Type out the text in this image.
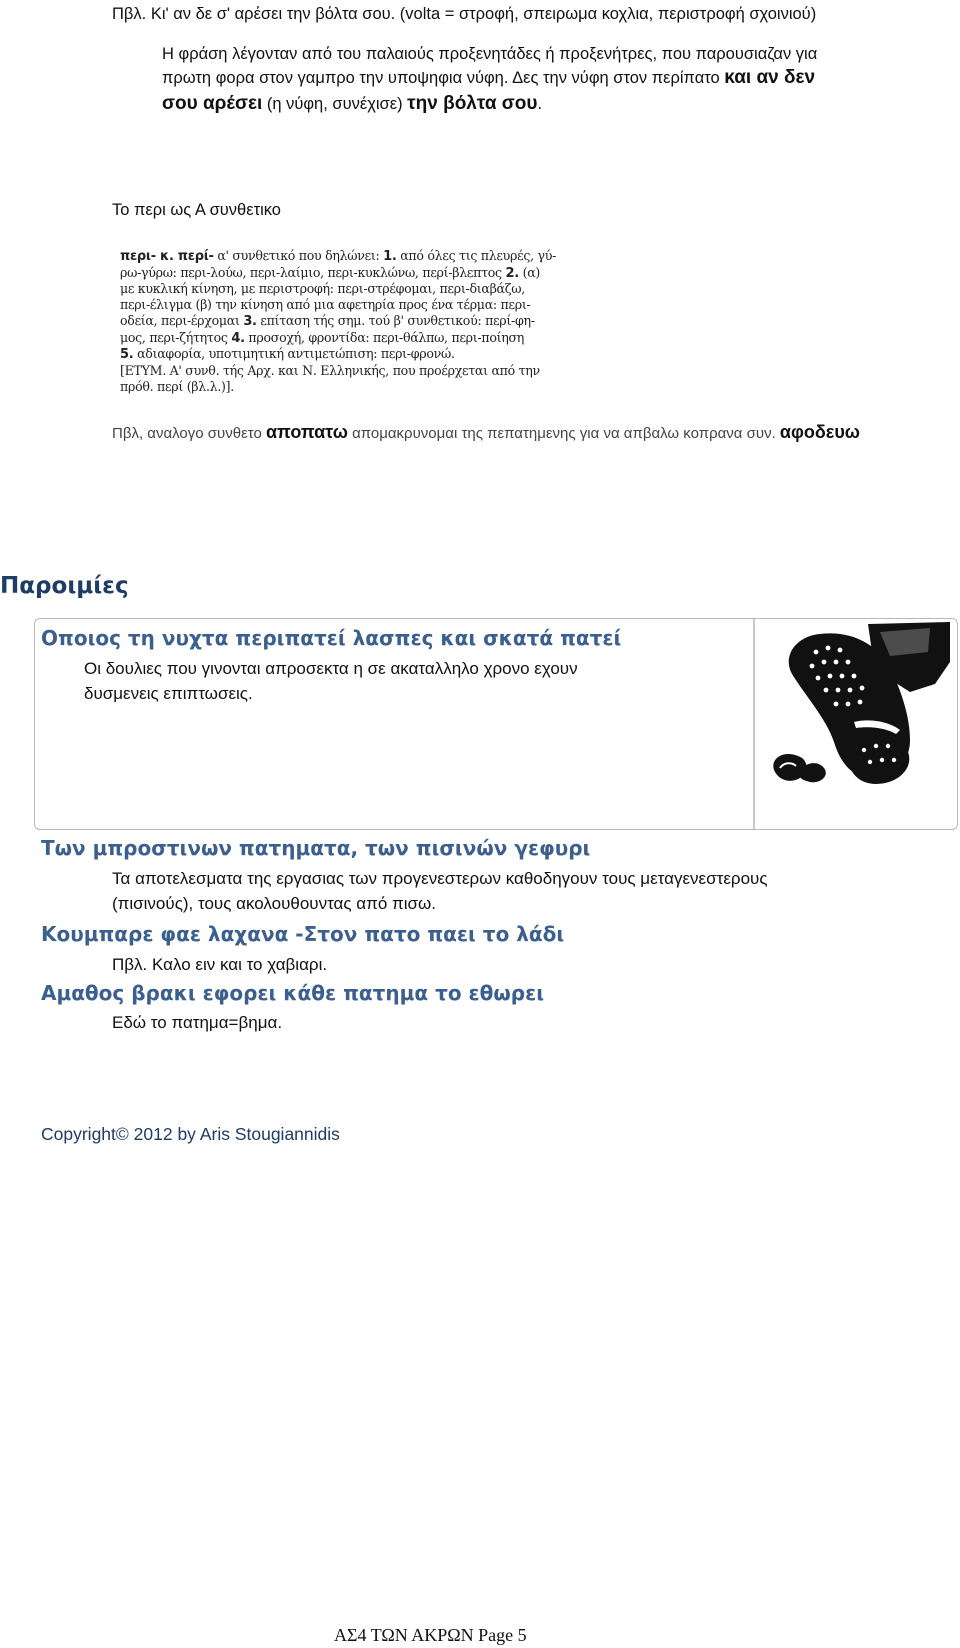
Πβλ. Κι' αν δε σ' αρέσει την βόλτα σου. (volta = στροφή, σπειρωμα κοχλια, περιστροφή σχοινιού)
Η φράση λέγονταν από του παλαιούς προξενητάδες ή προξενήτρες, που παρουσιαζαν για
πρωτη φορα στον γαμπρο την υποψηφια νύφη. Δες την νύφη στον περίπατο και αν δεν
σου αρέσει (η νύφη, συνέχισε) την βόλτα σου.
Το περι ως Α συνθετικο
περι- κ. περί- α' συνθετικό που δηλώνει: 1. από όλες τις πλευρές, γύ-
ρω-γύρω: περι-λούω, περι-λαίμιο, περι-κυκλώνω, περί-βλεπτος 2. (α)
με κυκλική κίνηση, με περιστροφή: περι-στρέφομαι, περι-διαβάζω,
περι-έλιγμα (β) την κίνηση από μια αφετηρία προς ένα τέρμα: περι-
οδεία, περι-έρχομαι 3. επίταση τής σημ. τού β' συνθετικού: περί-φη-
μος, περι-ζήτητος 4. προσοχή, φροντίδα: περι-θάλπω, περι-ποίηση
5. αδιαφορία, υποτιμητική αντιμετώπιση: περι-φρονώ.
[ΕΤΥΜ. Α' συνθ. τής Αρχ. και Ν. Ελληνικής, που προέρχεται από την
πρόθ. περί (βλ.λ.)].
Πβλ, αναλογο συνθετο αποπατω απομακρυνομαι της πεπατημενης για να απβαλω κοπρανα συν. αφοδευω
Παροιμίες
Οποιος τη νυχτα περιπατεί λασπες και σκατά πατεί
Οι δουλιες που γινονται απροσεκτα η σε ακαταλληλο χρονο εχουν
δυσμενεις επιπτωσεις.
Των μπροστινων πατηματα, των πισινών γεφυρι
Τα αποτελεσματα της εργασιας των προγενεστερων καθοδηγουν τους μεταγενεστερους
(πισινούς), τους ακολουθουντας από πισω.
Κουμπαρε φαε λαχανα -Στον πατο παει το λάδι
Πβλ. Καλο ειν και το χαβιαρι.
Αμαθος βρακι εφορει κάθε πατημα το εθωρει
Εδώ το πατημα=βημα.
Copyright© 2012 by Aris Stougiannidis
ΑΣ4 ΤΩΝ ΑΚΡΩΝ Page 5
